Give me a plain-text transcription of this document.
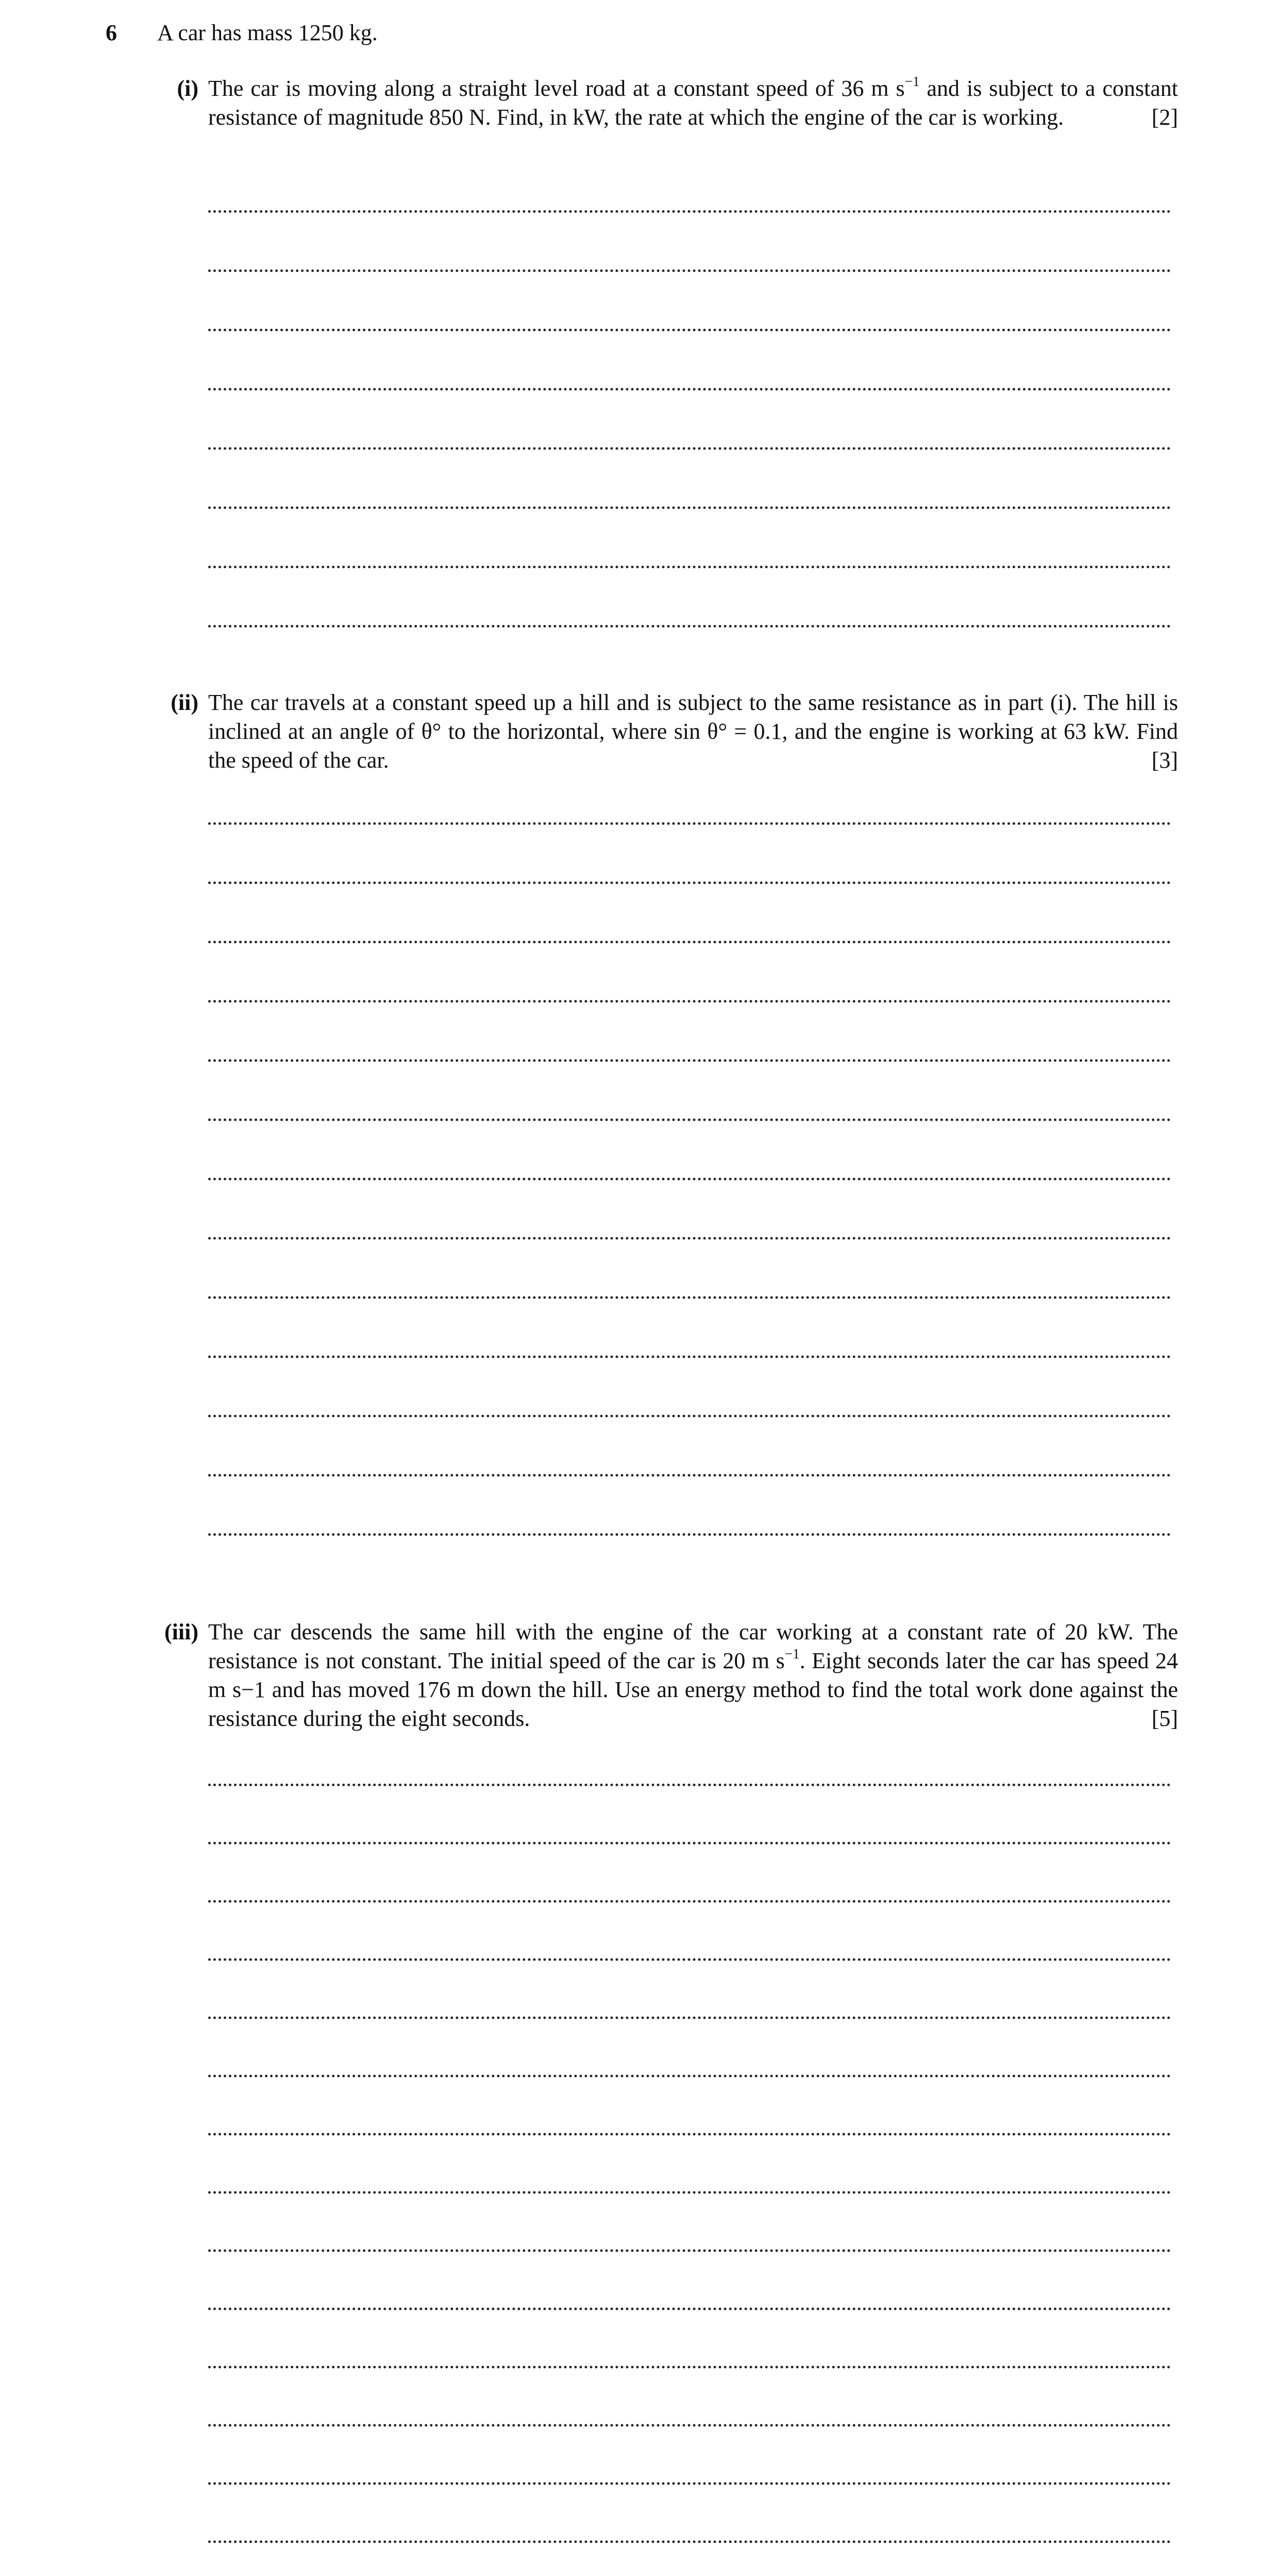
6 A car has mass 1250 kg.
(i) The car is moving along a straight level road at a constant speed of 36 m $s^{-1}$ and is subject to a constant resistance of magnitude 850 N. Find, in kW, the rate at which the engine of the car is working.	[2]
(ii) The car travels at a constant speed up a hill and is subject to the same resistance as in part (i). The hill is inclined at an angle of θ° to the horizontal, where sin θ° = 0.1, and the engine is working at 63 kW. Find the speed of the car.	[3]
(iii) The car descends the same hill with the engine of the car working at a constant rate of 20 kW. The resistance is not constant. The initial speed of the car is 20 m $s^{-1}$. Eight seconds later the car has speed 24 m s−1 and has moved 176 m down the hill. Use an energy method to find the total work done against the resistance during the eight seconds.	[5]
